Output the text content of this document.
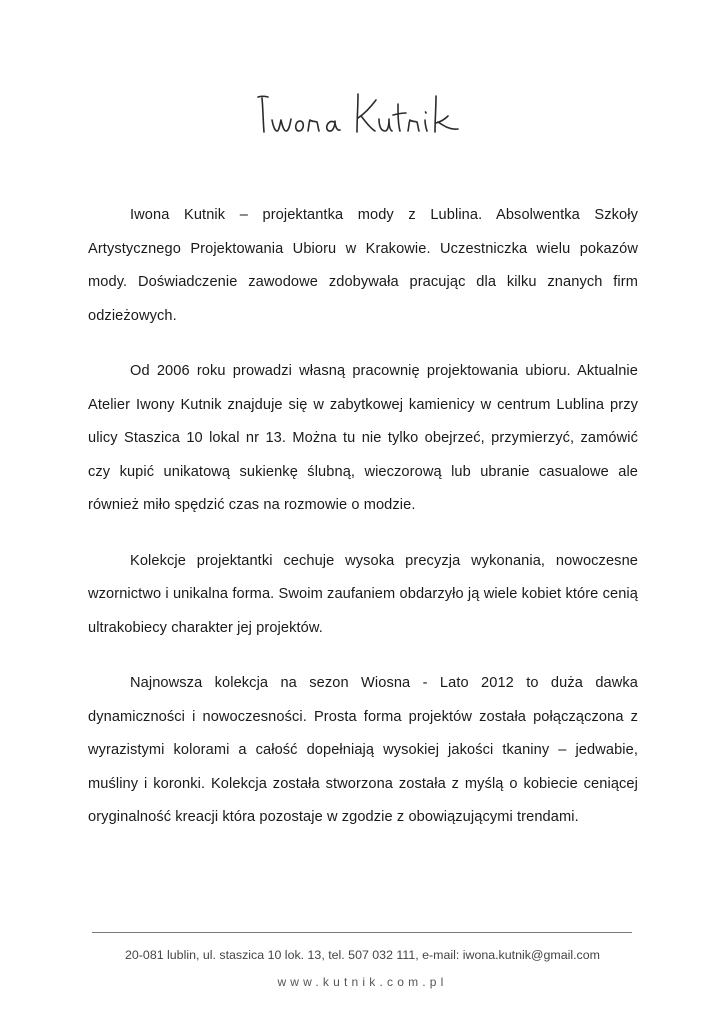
Iwona Kutnik – projektantka mody z Lublina. Absolwentka Szkoły Artystycznego Projektowania Ubioru w Krakowie. Uczestniczka wielu pokazów mody. Doświadczenie zawodowe zdobywała pracując dla kilku znanych firm odzieżowych.

Od 2006 roku prowadzi własną pracownię projektowania ubioru. Aktualnie Atelier Iwony Kutnik znajduje się w zabytkowej kamienicy w centrum Lublina przy ulicy Staszica 10 lokal nr 13. Można tu nie tylko obejrzeć, przymierzyć, zamówić czy kupić unikatową sukienkę ślubną, wieczorową lub ubranie casualowe ale również miło spędzić czas na rozmowie o modzie.

Kolekcje projektantki cechuje wysoka precyzja wykonania, nowoczesne wzornictwo i unikalna forma. Swoim zaufaniem obdarzyło ją wiele kobiet które cenią ultrakobiecy charakter jej projektów.

Najnowsza kolekcja na sezon Wiosna - Lato 2012 to duża dawka dynamiczności i nowoczesności. Prosta forma projektów została połączączona z wyrazistymi kolorami a całość dopełniają wysokiej jakości tkaniny – jedwabie, muśliny i koronki. Kolekcja została stworzona została z myślą o kobiecie ceniącej oryginalność kreacji która pozostaje w zgodzie z obowiązującymi trendami.

20-081 lublin, ul. staszica 10 lok. 13, tel. 507 032 111, e-mail: iwona.kutnik@gmail.com
www.kutnik.com.pl
